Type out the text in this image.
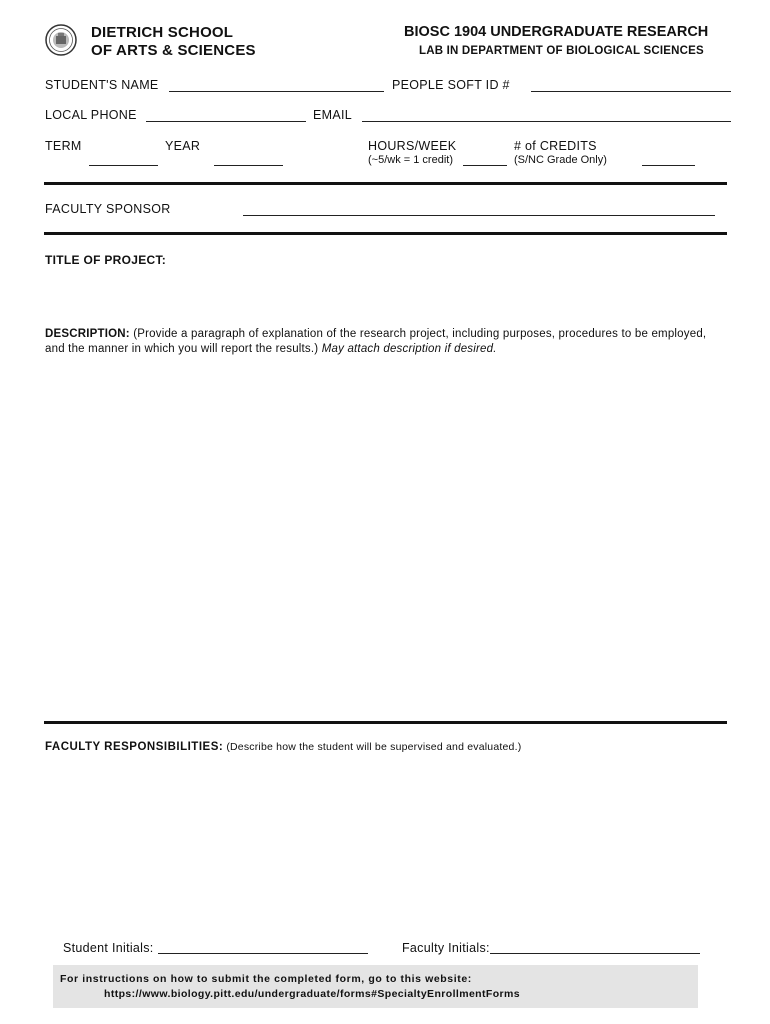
DIETRICH SCHOOL
OF ARTS & SCIENCES
BIOSC 1904 UNDERGRADUATE RESEARCH
LAB IN DEPARTMENT OF BIOLOGICAL SCIENCES
STUDENT'S NAME	PEOPLE SOFT ID #
LOCAL PHONE	EMAIL
TERM	YEAR	HOURS/WEEK
(~5/wk = 1 credit)
# of CREDITS
(S/NC Grade Only)
FACULTY SPONSOR
TITLE OF PROJECT:
DESCRIPTION: (Provide a paragraph of explanation of the research project, including purposes, procedures to be employed, and the manner in which you will report the results.) May attach description if desired.
FACULTY RESPONSIBILITIES: (Describe how the student will be supervised and evaluated.)
Student Initials:	Faculty Initials:
For instructions on how to submit the completed form, go to this website:
https://www.biology.pitt.edu/undergraduate/forms#SpecialtyEnrollmentForms
